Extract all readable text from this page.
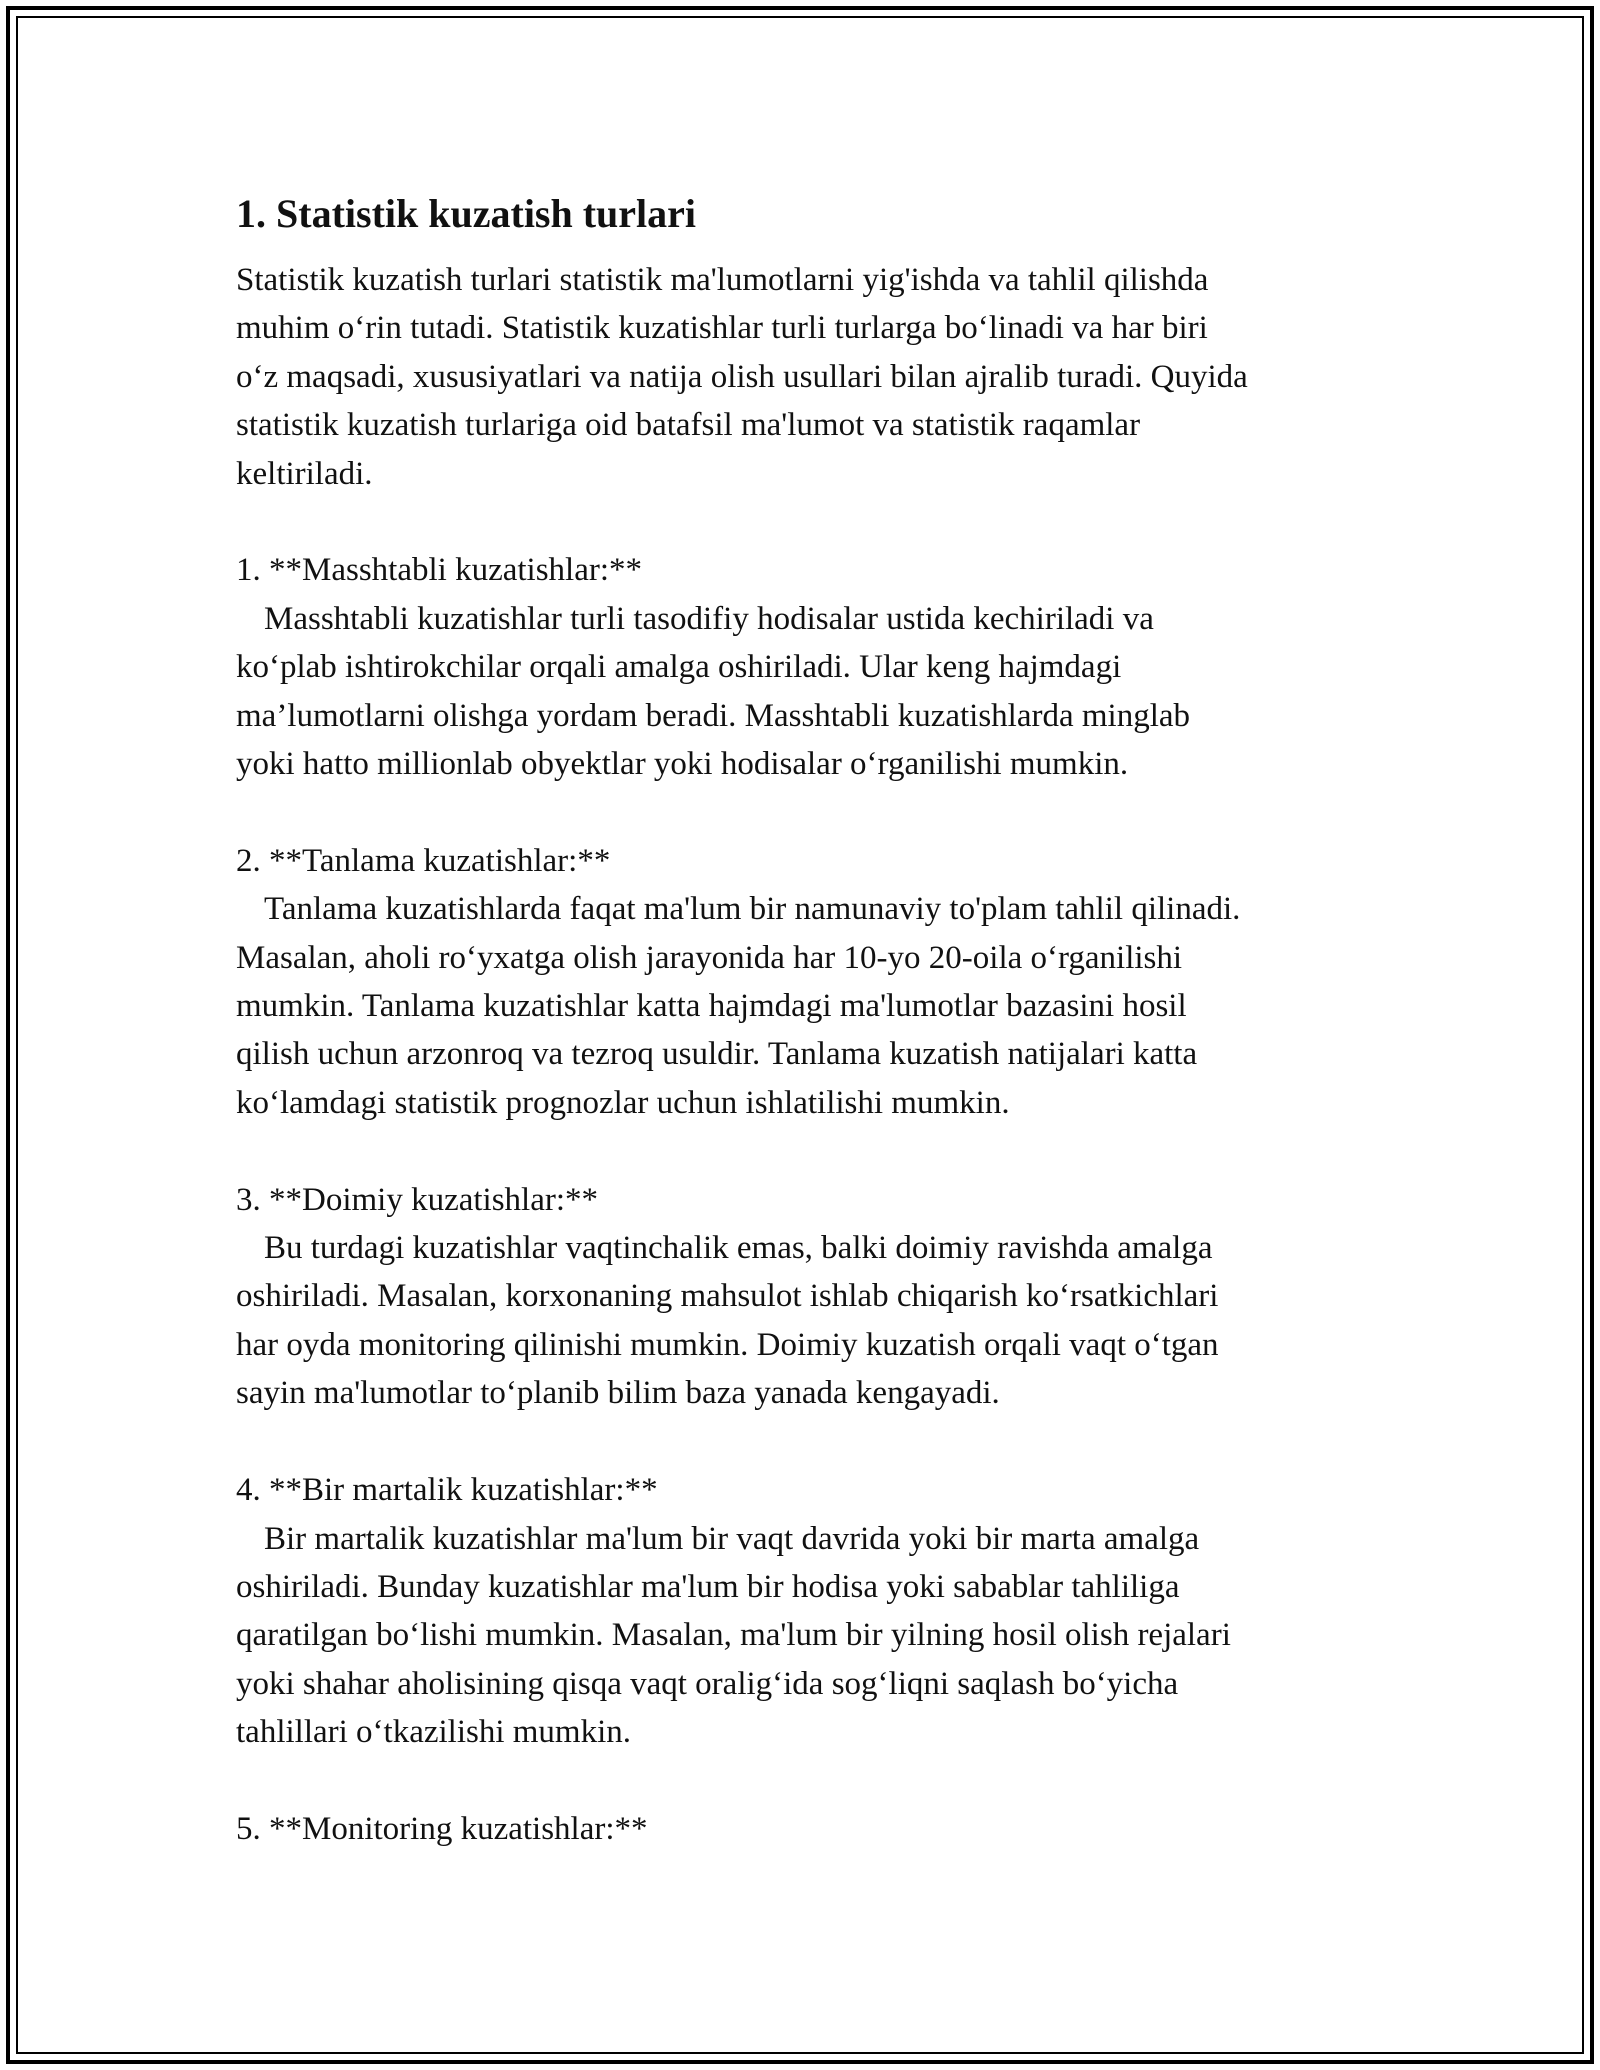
1. Statistik kuzatish turlari

Statistik kuzatish turlari statistik ma'lumotlarni yig'ishda va tahlil qilishda
muhim o‘rin tutadi. Statistik kuzatishlar turli turlarga bo‘linadi va har biri
o‘z maqsadi, xususiyatlari va natija olish usullari bilan ajralib turadi. Quyida
statistik kuzatish turlariga oid batafsil ma'lumot va statistik raqamlar
keltiriladi.

1. **Masshtabli kuzatishlar:**

Masshtabli kuzatishlar turli tasodifiy hodisalar ustida kechiriladi va
ko‘plab ishtirokchilar orqali amalga oshiriladi. Ular keng hajmdagi
ma’lumotlarni olishga yordam beradi. Masshtabli kuzatishlarda minglab
yoki hatto millionlab obyektlar yoki hodisalar o‘rganilishi mumkin.

2. **Tanlama kuzatishlar:**

Tanlama kuzatishlarda faqat ma'lum bir namunaviy to'plam tahlil qilinadi.
Masalan, aholi ro‘yxatga olish jarayonida har 10-yo 20-oila o‘rganilishi
mumkin. Tanlama kuzatishlar katta hajmdagi ma'lumotlar bazasini hosil
qilish uchun arzonroq va tezroq usuldir. Tanlama kuzatish natijalari katta
ko‘lamdagi statistik prognozlar uchun ishlatilishi mumkin.

3. **Doimiy kuzatishlar:**

Bu turdagi kuzatishlar vaqtinchalik emas, balki doimiy ravishda amalga
oshiriladi. Masalan, korxonaning mahsulot ishlab chiqarish ko‘rsatkichlari
har oyda monitoring qilinishi mumkin. Doimiy kuzatish orqali vaqt o‘tgan
sayin ma'lumotlar to‘planib bilim baza yanada kengayadi.

4. **Bir martalik kuzatishlar:**

Bir martalik kuzatishlar ma'lum bir vaqt davrida yoki bir marta amalga
oshiriladi. Bunday kuzatishlar ma'lum bir hodisa yoki sabablar tahliliga
qaratilgan bo‘lishi mumkin. Masalan, ma'lum bir yilning hosil olish rejalari
yoki shahar aholisining qisqa vaqt oralig‘ida sog‘liqni saqlash bo‘yicha
tahlillari o‘tkazilishi mumkin.

5. **Monitoring kuzatishlar:**
